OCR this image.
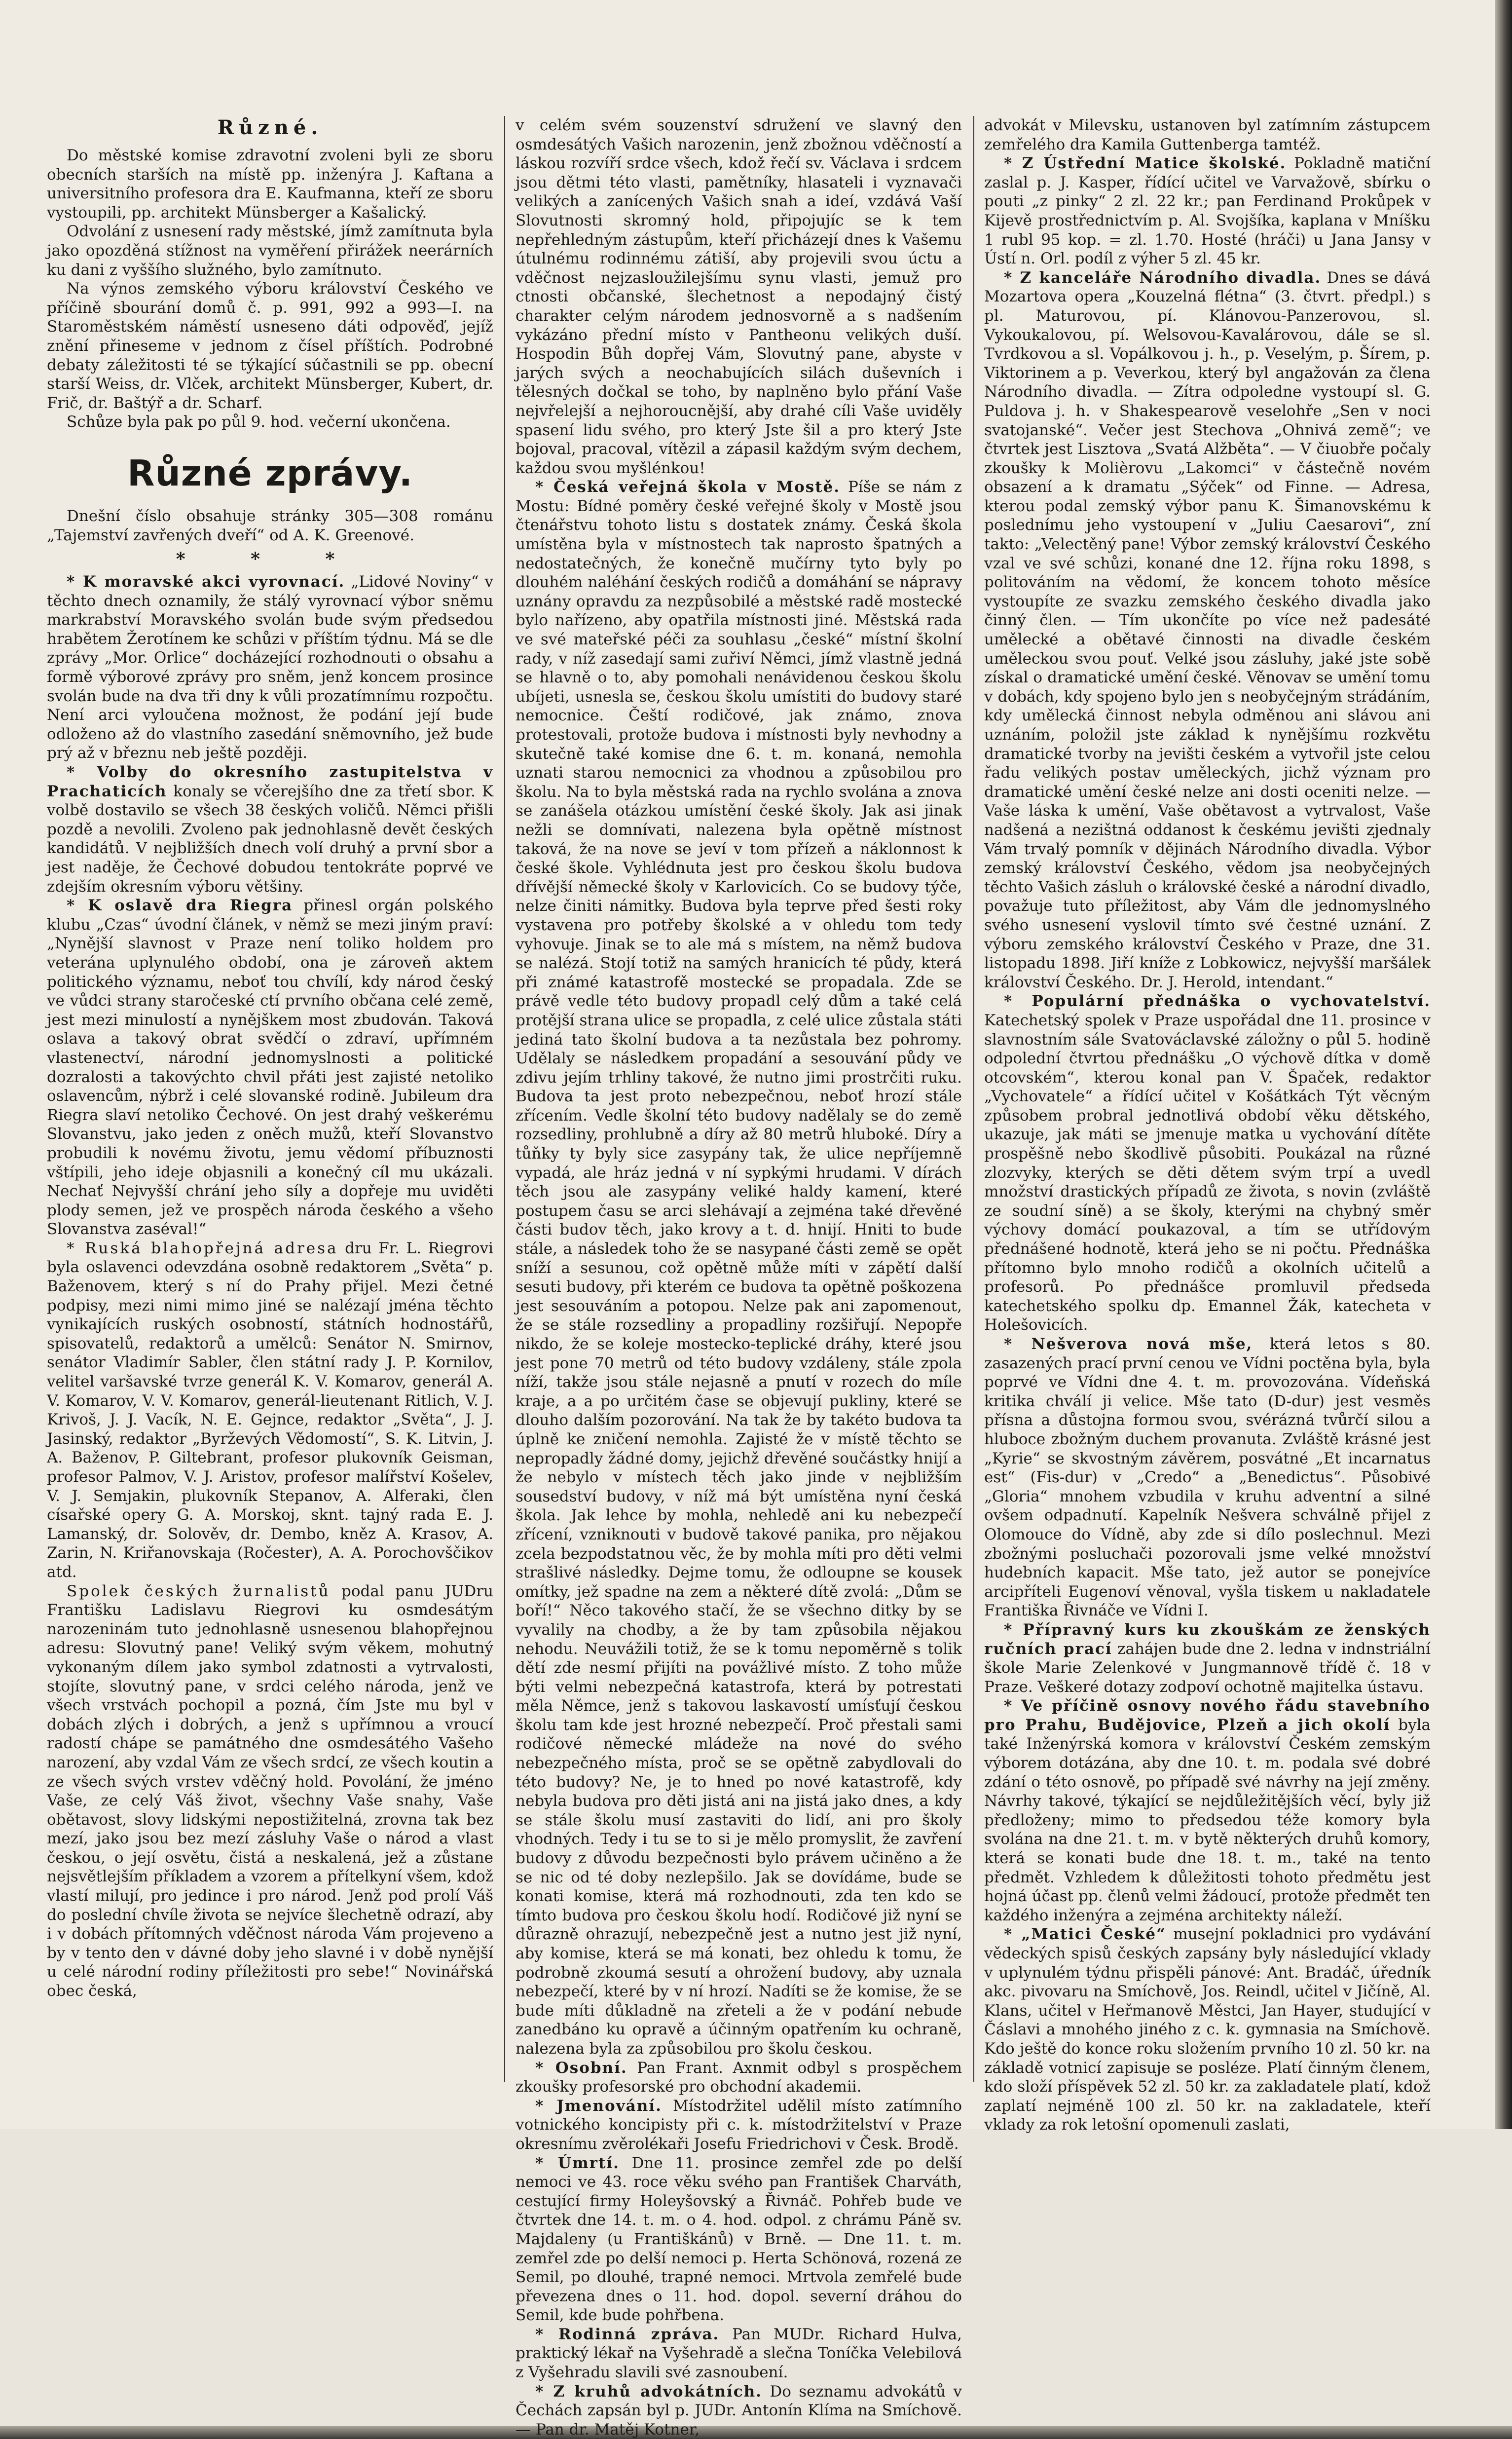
Různé.

Do městské komise zdravotní zvoleni byli ze sboru obecních starších na místě pp. inženýra J. Kaftana a universitního profesora dra E. Kaufmanna, kteří ze sboru vystoupili, pp. architekt Münsberger a Kašalický.

Odvolání z usnesení rady městské, jímž zamítnuta byla jako opozděná stížnost na vyměření přirážek neerárních ku dani z vyššího služného, bylo zamítnuto.

Na výnos zemského výboru království Českého ve příčině sbourání domů č. p. 991, 992 a 993—I. na Staroměstském náměstí usneseno dáti odpověď, jejíž znění přineseme v jednom z čísel příštích. Podrobné debaty záležitosti té se týkající súčastnili se pp. obecní starší Weiss, dr. Vlček, architekt Münsberger, Kubert, dr. Frič, dr. Baštýř a dr. Scharf.

Schůze byla pak po půl 9. hod. večerní ukončena.

Různé zprávy.

Dnešní číslo obsahuje stránky 305—308 románu „Tajemství zavřených dveří“ od A. K. Greenové.

* * *

* K moravské akci vyrovnací. „Lidové Noviny“ v těchto dnech oznamily, že stálý vyrovnací výbor sněmu markrabství Moravského svolán bude svým předsedou hrabětem Žerotínem ke schůzi v příštím týdnu. Má se dle zprávy „Mor. Orlice“ docházející rozhodnouti o obsahu a formě výborové zprávy pro sněm, jenž koncem prosince svolán bude na dva tři dny k vůli prozatímnímu rozpočtu. Není arci vyloučena možnost, že podání její bude odloženo až do vlastního zasedání sněmovního, jež bude prý až v březnu neb ještě později.

* Volby do okresního zastupitelstva v Prachaticích konaly se včerejšího dne za třetí sbor. K volbě dostavilo se všech 38 českých voličů. Němci přišli pozdě a nevolili. Zvoleno pak jednohlasně devět českých kandidátů. V nejbližších dnech volí druhý a první sbor a jest naděje, že Čechové dobudou tentokráte poprvé ve zdejším okresním výboru většiny.

* K oslavě dra Riegra přinesl orgán polského klubu „Czas“ úvodní článek, v němž se mezi jiným praví: „Nynější slavnost v Praze není toliko holdem pro veterána uplynulého období, ona je zároveň aktem politického významu, neboť tou chvílí, kdy národ český ve vůdci strany staročeské ctí prvního občana celé země, jest mezi minulostí a nynějškem most zbudován. Taková oslava a takový obrat svědčí o zdraví, upřímném vlastenectví, národní jednomyslnosti a politické dozralosti a takovýchto chvil přáti jest zajisté netoliko oslavencům, nýbrž i celé slovanské rodině. Jubileum dra Riegra slaví netoliko Čechové. On jest drahý veškerému Slovanstvu, jako jeden z oněch mužů, kteří Slovanstvo probudili k novému životu, jemu vědomí příbuznosti vštípili, jeho ideje objasnili a konečný cíl mu ukázali. Nechať Nejvyšší chrání jeho síly a dopřeje mu uviděti plody semen, jež ve prospěch národa českého a všeho Slovanstva zaséval!“

* Ruská blahopřejná adresa dru Fr. L. Riegrovi byla oslavenci odevzdána osobně redaktorem „Světa“ p. Baženovem, který s ní do Prahy přijel. Mezi četné podpisy, mezi nimi mimo jiné se nalézají jména těchto vynikajících ruských osobností, státních hodnostářů, spisovatelů, redaktorů a umělců: Senátor N. Smirnov, senátor Vladimír Sabler, člen státní rady J. P. Kornilov, velitel varšavské tvrze generál K. V. Komarov, generál A. V. Komarov, V. V. Komarov, generál-lieutenant Ritlich, V. J. Krivoš, J. J. Vacík, N. E. Gejnce, redaktor „Světa“, J. J. Jasinský, redaktor „Byrževých Vědomostí“, S. K. Litvin, J. A. Baženov, P. Giltebrant, profesor plukovník Geisman, profesor Palmov, V. J. Aristov, profesor malířství Košelev, V. J. Semjakin, plukovník Stepanov, A. Alferaki, člen císařské opery G. A. Morskoj, sknt. tajný rada E. J. Lamanský, dr. Solověv, dr. Dembo, kněz A. Krasov, A. Zarin, N. Kriřanovskaja (Ročester), A. A. Porochovščikov atd.

Spolek českých žurnalistů podal panu JUDru Františku Ladislavu Riegrovi ku osmdesátým narozeninám tuto jednohlasně usnesenou blahopřejnou adresu: Slovutný pane! Veliký svým věkem, mohutný vykonaným dílem jako symbol zdatnosti a vytrvalosti, stojíte, slovutný pane, v srdci celého národa, jenž ve všech vrstvách pochopil a pozná, čím Jste mu byl v dobách zlých i dobrých, a jenž s upřímnou a vroucí radostí chápe se památného dne osmdesátého Vašeho narození, aby vzdal Vám ze všech srdcí, ze všech koutin a ze všech svých vrstev vděčný hold. Povolání, že jméno Vaše, ze celý Váš život, všechny Vaše snahy, Vaše obětavost, slovy lidskými nepostižitelná, zrovna tak bez mezí, jako jsou bez mezí zásluhy Vaše o národ a vlast českou, o její osvětu, čistá a neskalená, jež a zůstane nejsvětlejším příkladem a vzorem a přítelkyní všem, kdož vlastí milují, pro jedince i pro národ. Jenž pod prolí Váš do poslední chvíle života se nejvíce šlechetně odrazí, aby i v dobách přítomných vděčnost národa Vám projeveno a by v tento den v dávné doby jeho slavné i v době nynější u celé národní rodiny příležitosti pro sebe!“ Novinářská obec česká,

v celém svém souzenství sdružení ve slavný den osmdesátých Vašich narozenin, jenž zbožnou vděčností a láskou rozvíří srdce všech, kdož řečí sv. Václava i srdcem jsou dětmi této vlasti, pamětníky, hlasateli i vyznavači velikých a zanícených Vašich snah a ideí, vzdává Vaší Slovutnosti skromný hold, připojujíc se k tem nepřehledným zástupům, kteří přicházejí dnes k Vašemu útulnému rodinnému zátiší, aby projevili svou úctu a vděčnost nejzasloužilejšímu synu vlasti, jemuž pro ctnosti občanské, šlechetnost a nepodajný čistý charakter celým národem jednosvorně a s nadšením vykázáno přední místo v Pantheonu velikých duší. Hospodin Bůh dopřej Vám, Slovutný pane, abyste v jarých svých a neochabujících silách duševních i tělesných dočkal se toho, by naplněno bylo přání Vaše nejvřelejší a nejhoroucnější, aby drahé cíli Vaše uviděly spasení lidu svého, pro který Jste šil a pro který Jste bojoval, pracoval, vítězil a zápasil každým svým dechem, každou svou myšlénkou!

* Česká veřejná škola v Mostě. Píše se nám z Mostu: Bídné poměry české veřejné školy v Mostě jsou čtenářstvu tohoto listu s dostatek známy. Česká škola umístěna byla v místnostech tak naprosto špatných a nedostatečných, že konečně mučírny tyto byly po dlouhém naléhání českých rodičů a domáhání se nápravy uznány opravdu za nezpůsobilé a městské radě mostecké bylo nařízeno, aby opatřila místnosti jiné. Městská rada ve své mateřské péči za souhlasu „české“ místní školní rady, v níž zasedají sami zuřiví Němci, jímž vlastně jedná se hlavně o to, aby pomohali nenávidenou českou školu ubíjeti, usnesla se, českou školu umístiti do budovy staré nemocnice. Čeští rodičové, jak známo, znova protestovali, protože budova i místnosti byly nevhodny a skutečně také komise dne 6. t. m. konaná, nemohla uznati starou nemocnici za vhodnou a způsobilou pro školu. Na to byla městská rada na rychlo svolána a znova se zanášela otázkou umístění české školy. Jak asi jinak nežli se domnívati, nalezena byla opětně místnost taková, že na nove se jeví v tom přízeň a náklonnost k české škole. Vyhlédnuta jest pro českou školu budova dřívější německé školy v Karlovicích. Co se budovy týče, nelze činiti námitky. Budova byla teprve před šesti roky vystavena pro potřeby školské a v ohledu tom tedy vyhovuje. Jinak se to ale má s místem, na němž budova se nalézá. Stojí totiž na samých hranicích té půdy, která při známé katastrofě mostecké se propadala. Zde se právě vedle této budovy propadl celý dům a také celá protější strana ulice se propadla, z celé ulice zůstala státi jediná tato školní budova a ta nezůstala bez pohromy. Udělaly se následkem propadání a sesouvání půdy ve zdivu jejím trhliny takové, že nutno jimi prostrčiti ruku. Budova ta jest proto nebezpečnou, neboť hrozí stále zřícením. Vedle školní této budovy nadělaly se do země rozsedliny, prohlubně a díry až 80 metrů hluboké. Díry a tůňky ty byly sice zasypány tak, že ulice nepříjemně vypadá, ale hráz jedná v ní sypkými hrudami. V dírách těch jsou ale zasypány veliké haldy kamení, které postupem času se arci slehávají a zejména také dřevěné části budov těch, jako krovy a t. d. hnijí. Hniti to bude stále, a následek toho že se nasypané části země se opět sníží a sesunou, což opětně může míti v zápětí další sesuti budovy, při kterém ce budova ta opětně poškozena jest sesouváním a potopou. Nelze pak ani zapomenout, že se stále rozsedliny a propadliny rozšiřují. Nepopře nikdo, že se koleje mostecko-teplické dráhy, které jsou jest pone 70 metrů od této budovy vzdáleny, stále zpola níží, takže jsou stále nejasně a pnutí v rozech do míle kraje, a a po určitém čase se objevují pukliny, které se dlouho dalším pozorování. Na tak že by takéto budova ta úplně ke zničení nemohla. Zajisté že v místě těchto se nepropadly žádné domy, jejichž dřevěné součástky hnijí a že nebylo v místech těch jako jinde v nejbližším sousedství budovy, v níž má být umístěna nyní česká škola. Jak lehce by mohla, nehledě ani ku nebezpečí zřícení, vzniknouti v budově takové panika, pro nějakou zcela bezpodstatnou věc, že by mohla míti pro děti velmi strašlivé následky. Dejme tomu, že odloupne se kousek omítky, jež spadne na zem a některé dítě zvolá: „Dům se boří!“ Něco takového stačí, že se všechno ditky by se vyvalily na chodby, a že by tam způsobila nějakou nehodu. Neuvážili totiž, že se k tomu nepoměrně s tolik dětí zde nesmí přijíti na povážlivé místo. Z toho může býti velmi nebezpečná katastrofa, která by potrestati měla Němce, jenž s takovou laskavostí umísťují českou školu tam kde jest hrozné nebezpečí. Proč přestali sami rodičové německé mládeže na nové do svého nebezpečného místa, proč se se opětně zabydlovali do této budovy? Ne, je to hned po nové katastrofě, kdy nebyla budova pro děti jistá ani na jistá jako dnes, a kdy se stále školu musí zastaviti do lidí, ani pro školy vhodných. Tedy i tu se to si je mělo promyslit, že zavření budovy z důvodu bezpečnosti bylo právem učiněno a že se nic od té doby nezlepšilo. Jak se dovídáme, bude se konati komise, která má rozhodnouti, zda ten kdo se tímto budova pro českou školu hodí. Rodičové již nyní se důrazně ohrazují, nebezpečně jest a nutno jest již nyní, aby komise, která se má konati, bez ohledu k tomu, že podrobně zkoumá sesutí a ohrožení budovy, aby uznala nebezpečí, které by v ní hrozí. Nadíti se že komise, že se bude míti důkladně na zřeteli a že v podání nebude zanedbáno ku opravě a účinným opatřením ku ochraně, nalezena byla za způsobilou pro školu českou.

* Osobní. Pan Frant. Axnmit odbyl s prospěchem zkoušky profesorské pro obchodní akademii.

* Jmenování. Místodržitel udělil místo zatímního votnického koncipisty při c. k. místodržitelství v Praze okresnímu zvěrolékaři Josefu Friedrichovi v Česk. Brodě.

* Úmrtí. Dne 11. prosince zemřel zde po delší nemoci ve 43. roce věku svého pan František Charváth, cestující firmy Holeyšovský a Řivnáč. Pohřeb bude ve čtvrtek dne 14. t. m. o 4. hod. odpol. z chrámu Páně sv. Majdaleny (u Františkánů) v Brně. — Dne 11. t. m. zemřel zde po delší nemoci p. Herta Schönová, rozená ze Semil, po dlouhé, trapné nemoci. Mrtvola zemřelé bude převezena dnes o 11. hod. dopol. severní dráhou do Semil, kde bude pohřbena.

* Rodinná zpráva. Pan MUDr. Richard Hulva, praktický lékař na Vyšehradě a slečna Toníčka Velebilová z Vyšehradu slavili své zasnoubení.

* Z kruhů advokátních. Do seznamu advokátů v Čechách zapsán byl p. JUDr. Antonín Klíma na Smíchově. — Pan dr. Matěj Kotner,

advokát v Milevsku, ustanoven byl zatímním zástupcem zemřelého dra Kamila Guttenberga tamtéž.

* Z Ústřední Matice školské. Pokladně matiční zaslal p. J. Kasper, řídící učitel ve Varvažově, sbírku o pouti „z pinky“ 2 zl. 22 kr.; pan Ferdinand Prokůpek v Kijevě prostřednictvím p. Al. Svojšíka, kaplana v Mníšku 1 rubl 95 kop. = zl. 1.70. Hosté (hráči) u Jana Jansy v Ústí n. Orl. podíl z výher 5 zl. 45 kr.

* Z kanceláře Národního divadla. Dnes se dává Mozartova opera „Kouzelná flétna“ (3. čtvrt. předpl.) s pl. Maturovou, pí. Klánovou-Panzerovou, sl. Vykoukalovou, pí. Welsovou-Kavalárovou, dále se sl. Tvrdkovou a sl. Vopálkovou j. h., p. Veselým, p. Šírem, p. Viktorinem a p. Veverkou, který byl angažován za člena Národního divadla. — Zítra odpoledne vystoupí sl. G. Puldova j. h. v Shakespearově veselohře „Sen v noci svatojanské“. Večer jest Stechova „Ohnivá země“; ve čtvrtek jest Lisztova „Svatá Alžběta“. — V čiuobře počaly zkoušky k Molièrovu „Lakomci“ v částečně novém obsazení a k dramatu „Sýček“ od Finne. — Adresa, kterou podal zemský výbor panu K. Šimanovskému k poslednímu jeho vystoupení v „Juliu Caesarovi“, zní takto: „Velectěný pane! Výbor zemský království Českého vzal ve své schůzi, konané dne 12. října roku 1898, s politováním na vědomí, že koncem tohoto měsíce vystoupíte ze svazku zemského českého divadla jako činný člen. — Tím ukončíte po více než padesáté umělecké a obětavé činnosti na divadle českém uměleckou svou pouť. Velké jsou zásluhy, jaké jste sobě získal o dramatické umění české. Věnovav se umění tomu v dobách, kdy spojeno bylo jen s neobyčejným strádáním, kdy umělecká činnost nebyla odměnou ani slávou ani uznáním, položil jste základ k nynějšímu rozkvětu dramatické tvorby na jevišti českém a vytvořil jste celou řadu velikých postav uměleckých, jichž význam pro dramatické umění české nelze ani dosti oceniti nelze. — Vaše láska k umění, Vaše obětavost a vytrvalost, Vaše nadšená a nezištná oddanost k českému jevišti zjednaly Vám trvalý pomník v dějinách Národního divadla. Výbor zemský království Českého, vědom jsa neobyčejných těchto Vašich zásluh o královské české a národní divadlo, považuje tuto příležitost, aby Vám dle jednomyslného svého usnesení vyslovil tímto své čestné uznání. Z výboru zemského království Českého v Praze, dne 31. listopadu 1898. Jiří kníže z Lobkowicz, nejvyšší maršálek království Českého. Dr. J. Herold, intendant.“

* Populární přednáška o vychovatelství. Katechetský spolek v Praze uspořádal dne 11. prosince v slavnostním sále Svatováclavské záložny o půl 5. hodině odpolední čtvrtou přednášku „O výchově dítka v domě otcovském“, kterou konal pan V. Špaček, redaktor „Vychovatele“ a řídící učitel v Košátkách Týt věcným způsobem probral jednotlivá období věku dětského, ukazuje, jak máti se jmenuje matka u vychování dítěte prospěšně nebo škodlivě působiti. Poukázal na různé zlozvyky, kterých se děti dětem svým trpí a uvedl množství drastických případů ze života, s novin (zvláště ze soudní síně) a se školy, kterými na chybný směr výchovy domácí poukazoval, a tím se utřídovým přednášené hodnotě, která jeho se ni počtu. Přednáška přítomno bylo mnoho rodičů a okolních učitelů a profesorů. Po přednášce promluvil předseda katechetského spolku dp. Emannel Žák, katecheta v Holešovicích.

* Nešverova nová mše, která letos s 80. zasazených prací první cenou ve Vídni poctěna byla, byla poprvé ve Vídni dne 4. t. m. provozována. Vídeňská kritika chválí ji velice. Mše tato (D-dur) jest vesměs přísna a důstojna formou svou, svérázná tvůrčí silou a hluboce zbožným duchem provanuta. Zvláště krásné jest „Kyrie“ se skvostným závěrem, posvátné „Et incarnatus est“ (Fis-dur) v „Credo“ a „Benedictus“. Působivé „Gloria“ mnohem vzbudila v kruhu adventní a silné ovšem odpadnutí. Kapelník Nešvera schválně přijel z Olomouce do Vídně, aby zde si dílo poslechnul. Mezi zbožnými posluchači pozorovali jsme velké množství hudebních kapacit. Mše tato, jež autor se ponejvíce arcipříteli Eugenoví věnoval, vyšla tiskem u nakladatele Františka Řivnáče ve Vídni I.

* Přípravný kurs ku zkouškám ze ženských ručních prací zahájen bude dne 2. ledna v indnstriální škole Marie Zelenkové v Jungmannově třídě č. 18 v Praze. Veškeré dotazy zodpoví ochotně majitelka ústavu.

* Ve příčině osnovy nového řádu stavebního pro Prahu, Budějovice, Plzeň a jich okolí byla také Inženýrská komora v království Českém zemským výborem dotázána, aby dne 10. t. m. podala své dobré zdání o této osnově, po případě své návrhy na její změny. Návrhy takové, týkající se nejdůležitějších věcí, byly již předloženy; mimo to předsedou téže komory byla svolána na dne 21. t. m. v bytě některých druhů komory, která se konati bude dne 18. t. m., také na tento předmět. Vzhledem k důležitosti tohoto předmětu jest hojná účast pp. členů velmi žádoucí, protože předmět ten každého inženýra a zejména architekty náleží.

* „Matici České“ musejní pokladnici pro vydávání vědeckých spisů českých zapsány byly následující vklady v uplynulém týdnu přispěli pánové: Ant. Bradáč, úředník akc. pivovaru na Smíchově, Jos. Reindl, učitel v Jičíně, Al. Klans, učitel v Heřmanově Městci, Jan Hayer, studující v Čáslavi a mnohého jiného z c. k. gymnasia na Smíchově. Kdo ještě do konce roku složením prvního 10 zl. 50 kr. na základě votnicí zapisuje se posléze. Platí činným členem, kdo složí příspěvek 52 zl. 50 kr. za zakladatele platí, kdož zaplatí nejméně 100 zl. 50 kr. na zakladatele, kteří vklady za rok letošní opomenuli zaslati,
